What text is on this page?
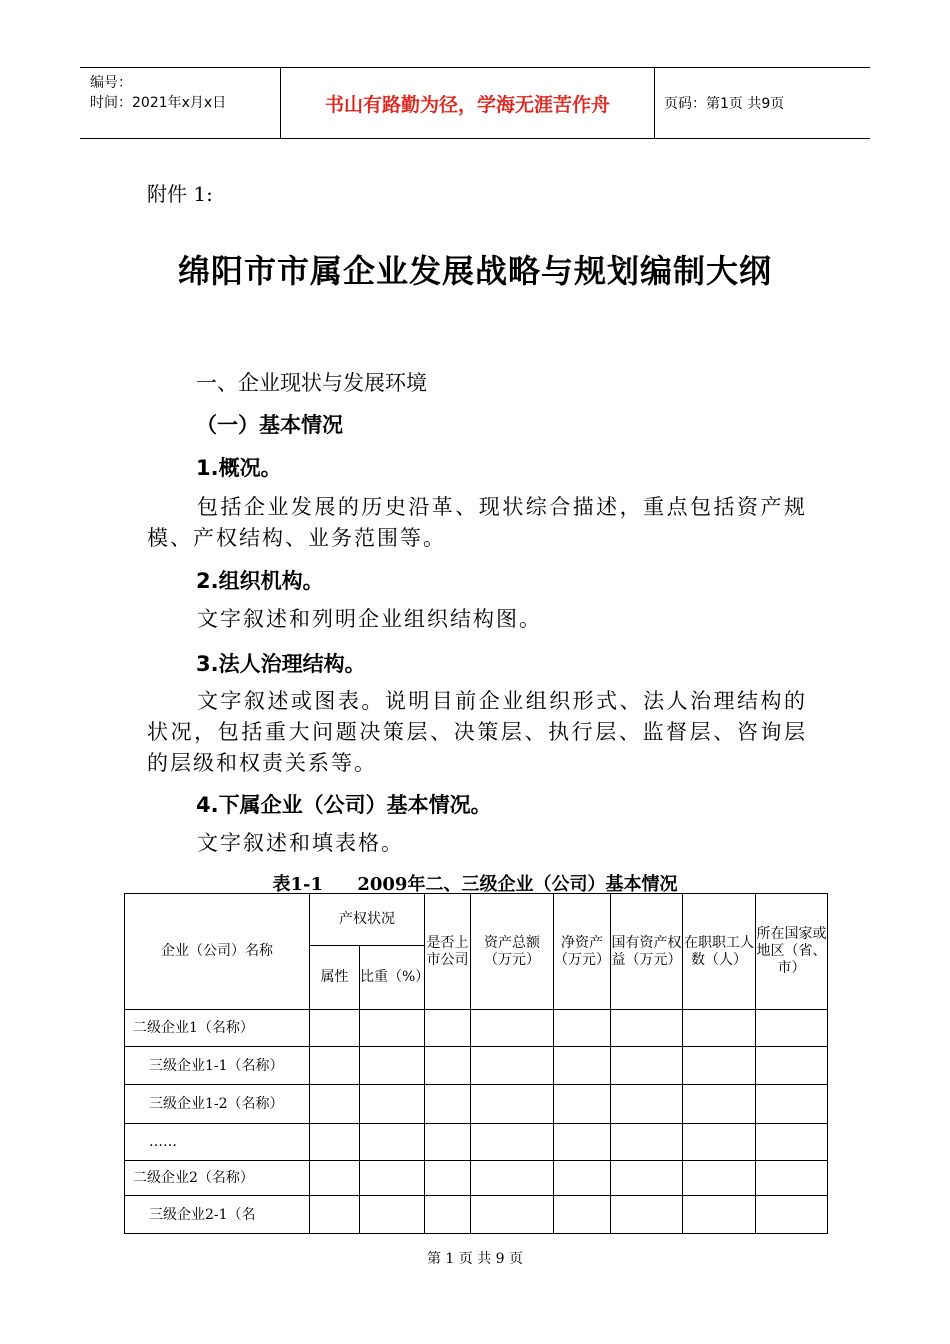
编号：
时间：2021年x月x日	书山有路勤为径，学海无涯苦作舟	页码：第1页 共9页
附件 1:
绵阳市市属企业发展战略与规划编制大纲
一、企业现状与发展环境
（一）基本情况
1.概况。
包括企业发展的历史沿革、现状综合描述，重点包括资产规模、产权结构、业务范围等。
2.组织机构。
文字叙述和列明企业组织结构图。
3.法人治理结构。
文字叙述或图表。说明目前企业组织形式、法人治理结构的状况，包括重大问题决策层、决策层、执行层、监督层、咨询层的层级和权责关系等。
4.下属企业（公司）基本情况。
文字叙述和填表格。
表1-1 2009年二、三级企业（公司）基本情况
企业（公司）名称	产权状况		是否上市公司	资产总额（万元）	净资产（万元）	国有资产权益（万元）	在职职工人数（人）	所在国家或地区（省、市）
	属性	比重（%）						
二级企业1（名称）								
三级企业1-1（名称）								
三级企业1-2（名称）								
……								
二级企业2（名称）								
三级企业2-1（名								
第 1 页 共 9 页
